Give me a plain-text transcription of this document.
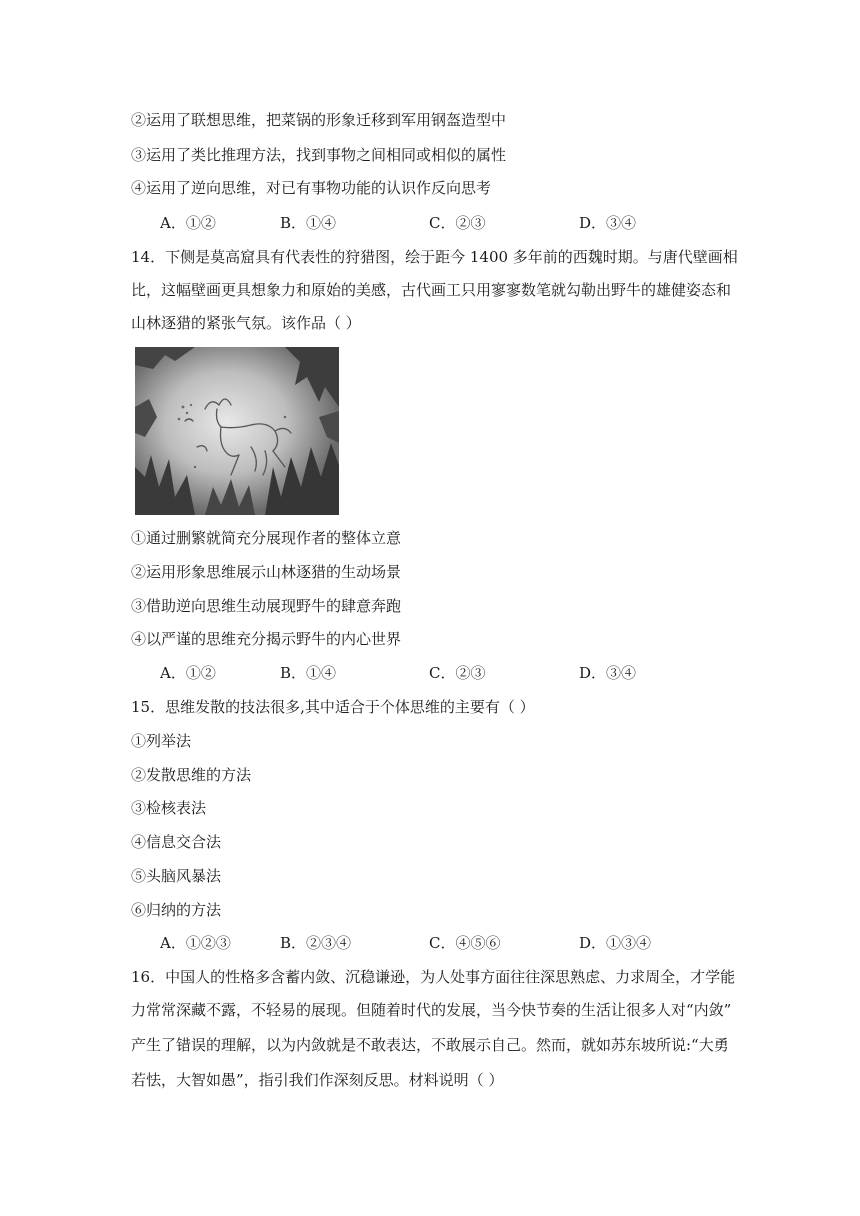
②运用了联想思维，把菜锅的形象迁移到军用钢盔造型中
③运用了类比推理方法，找到事物之间相同或相似的属性
④运用了逆向思维，对已有事物功能的认识作反向思考
A．①②	B．①④	C．②③	D．③④
14．下侧是莫高窟具有代表性的狩猎图，绘于距今 1400 多年前的西魏时期。与唐代壁画相
比，这幅壁画更具想象力和原始的美感，古代画工只用寥寥数笔就勾勒出野牛的雄健姿态和
山林逐猎的紧张气氛。该作品（ ）
①通过删繁就简充分展现作者的整体立意
②运用形象思维展示山林逐猎的生动场景
③借助逆向思维生动展现野牛的肆意奔跑
④以严谨的思维充分揭示野牛的内心世界
A．①②	B．①④	C．②③	D．③④
15．思维发散的技法很多,其中适合于个体思维的主要有（ ）
①列举法
②发散思维的方法
③检核表法
④信息交合法
⑤头脑风暴法
⑥归纳的方法
A．①②③	B．②③④	C．④⑤⑥	D．①③④
16．中国人的性格多含蓄内敛、沉稳谦逊，为人处事方面往往深思熟虑、力求周全，才学能
力常常深藏不露，不轻易的展现。但随着时代的发展，当今快节奏的生活让很多人对“内敛”
产生了错误的理解，以为内敛就是不敢表达，不敢展示自己。然而，就如苏东坡所说:“大勇
若怯，大智如愚”，指引我们作深刻反思。材料说明（ ）
